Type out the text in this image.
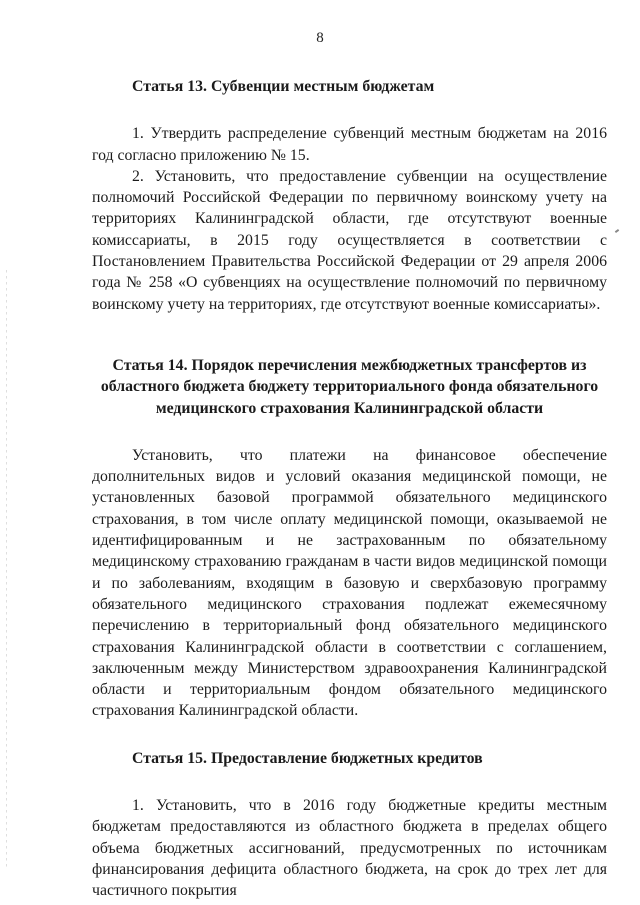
8
Статья 13. Субвенции местным бюджетам

1. Утвердить распределение субвенций местным бюджетам на 2016 год согласно приложению № 15.

2. Установить, что предоставление субвенции на осуществление полномочий Российской Федерации по первичному воинскому учету на территориях Калининградской области, где отсутствуют военные комиссариаты, в 2015 году осуществляется в соответствии с Постановлением Правительства Российской Федерации от 29 апреля 2006 года № 258 «О субвенциях на осуществление полномочий по первичному воинскому учету на территориях, где отсутствуют военные комиссариаты».

Статья 14. Порядок перечисления межбюджетных трансфертов из областного бюджета бюджету территориального фонда обязательного медицинского страхования Калининградской области

Установить, что платежи на финансовое обеспечение дополнительных видов и условий оказания медицинской помощи, не установленных базовой программой обязательного медицинского страхования, в том числе оплату медицинской помощи, оказываемой не идентифицированным и не застрахованным по обязательному медицинскому страхованию гражданам в части видов медицинской помощи и по заболеваниям, входящим в базовую и сверхбазовую программу обязательного медицинского страхования подлежат ежемесячному перечислению в территориальный фонд обязательного медицинского страхования Калининградской области в соответствии с соглашением, заключенным между Министерством здравоохранения Калининградской области и территориальным фондом обязательного медицинского страхования Калининградской области.

Статья 15. Предоставление бюджетных кредитов

1. Установить, что в 2016 году бюджетные кредиты местным бюджетам предоставляются из областного бюджета в пределах общего объема бюджетных ассигнований, предусмотренных по источникам финансирования дефицита областного бюджета, на срок до трех лет для частичного покрытия
